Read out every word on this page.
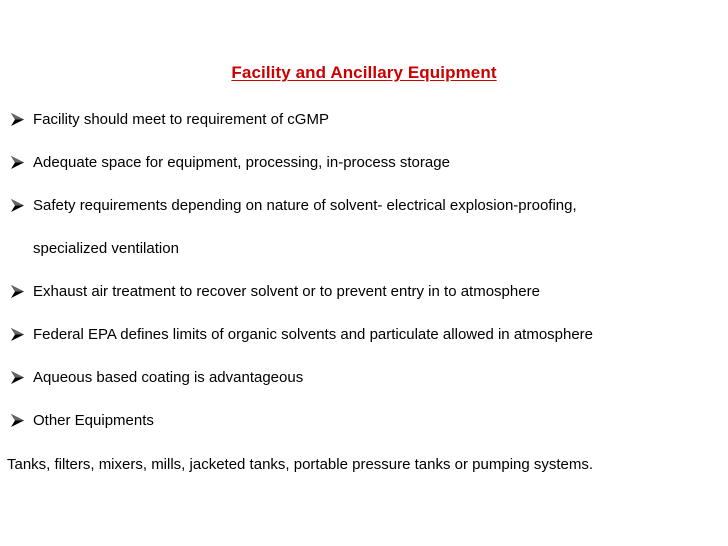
Facility and Ancillary Equipment
Facility should meet to requirement of cGMP
Adequate space for equipment, processing, in-process storage
Safety requirements depending on nature of solvent- electrical explosion-proofing,
specialized ventilation
Exhaust air treatment to recover solvent or to prevent entry in to atmosphere
Federal EPA defines limits of organic solvents and particulate allowed in atmosphere
Aqueous based coating is advantageous
Other Equipments
Tanks, filters, mixers, mills, jacketed tanks, portable pressure tanks or pumping systems.
